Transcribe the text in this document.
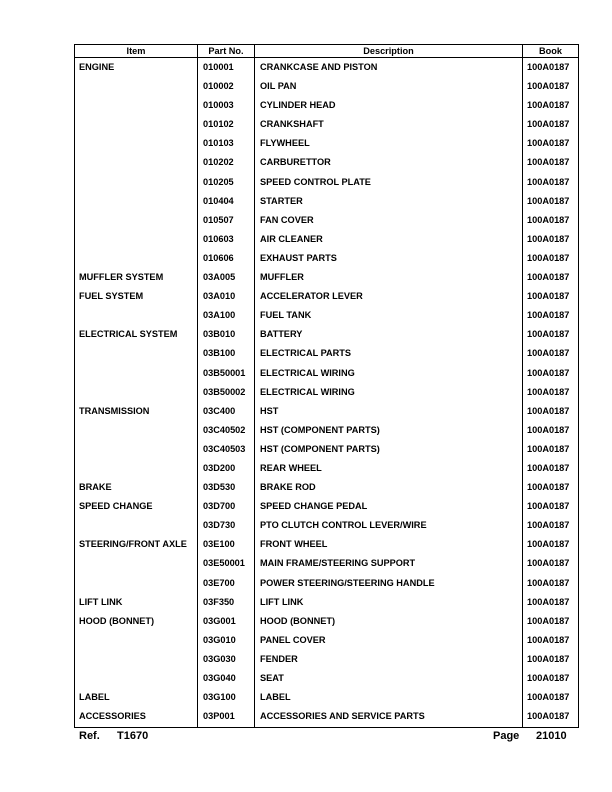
Item	Part No.	Description	Book
ENGINE	010001	CRANKCASE AND PISTON	100A0187
	010002	OIL PAN	100A0187
	010003	CYLINDER HEAD	100A0187
	010102	CRANKSHAFT	100A0187
	010103	FLYWHEEL	100A0187
	010202	CARBURETTOR	100A0187
	010205	SPEED CONTROL PLATE	100A0187
	010404	STARTER	100A0187
	010507	FAN COVER	100A0187
	010603	AIR CLEANER	100A0187
	010606	EXHAUST PARTS	100A0187
MUFFLER SYSTEM	03A005	MUFFLER	100A0187
FUEL SYSTEM	03A010	ACCELERATOR LEVER	100A0187
	03A100	FUEL TANK	100A0187
ELECTRICAL SYSTEM	03B010	BATTERY	100A0187
	03B100	ELECTRICAL PARTS	100A0187
	03B50001	ELECTRICAL WIRING	100A0187
	03B50002	ELECTRICAL WIRING	100A0187
TRANSMISSION	03C400	HST	100A0187
	03C40502	HST (COMPONENT PARTS)	100A0187
	03C40503	HST (COMPONENT PARTS)	100A0187
	03D200	REAR WHEEL	100A0187
BRAKE	03D530	BRAKE ROD	100A0187
SPEED CHANGE	03D700	SPEED CHANGE PEDAL	100A0187
	03D730	PTO CLUTCH CONTROL LEVER/WIRE	100A0187
STEERING/FRONT AXLE	03E100	FRONT WHEEL	100A0187
	03E50001	MAIN FRAME/STEERING SUPPORT	100A0187
	03E700	POWER STEERING/STEERING HANDLE	100A0187
LIFT LINK	03F350	LIFT LINK	100A0187
HOOD (BONNET)	03G001	HOOD (BONNET)	100A0187
	03G010	PANEL COVER	100A0187
	03G030	FENDER	100A0187
	03G040	SEAT	100A0187
LABEL	03G100	LABEL	100A0187
ACCESSORIES	03P001	ACCESSORIES AND SERVICE PARTS	100A0187

Ref. T1670	Page 21010
